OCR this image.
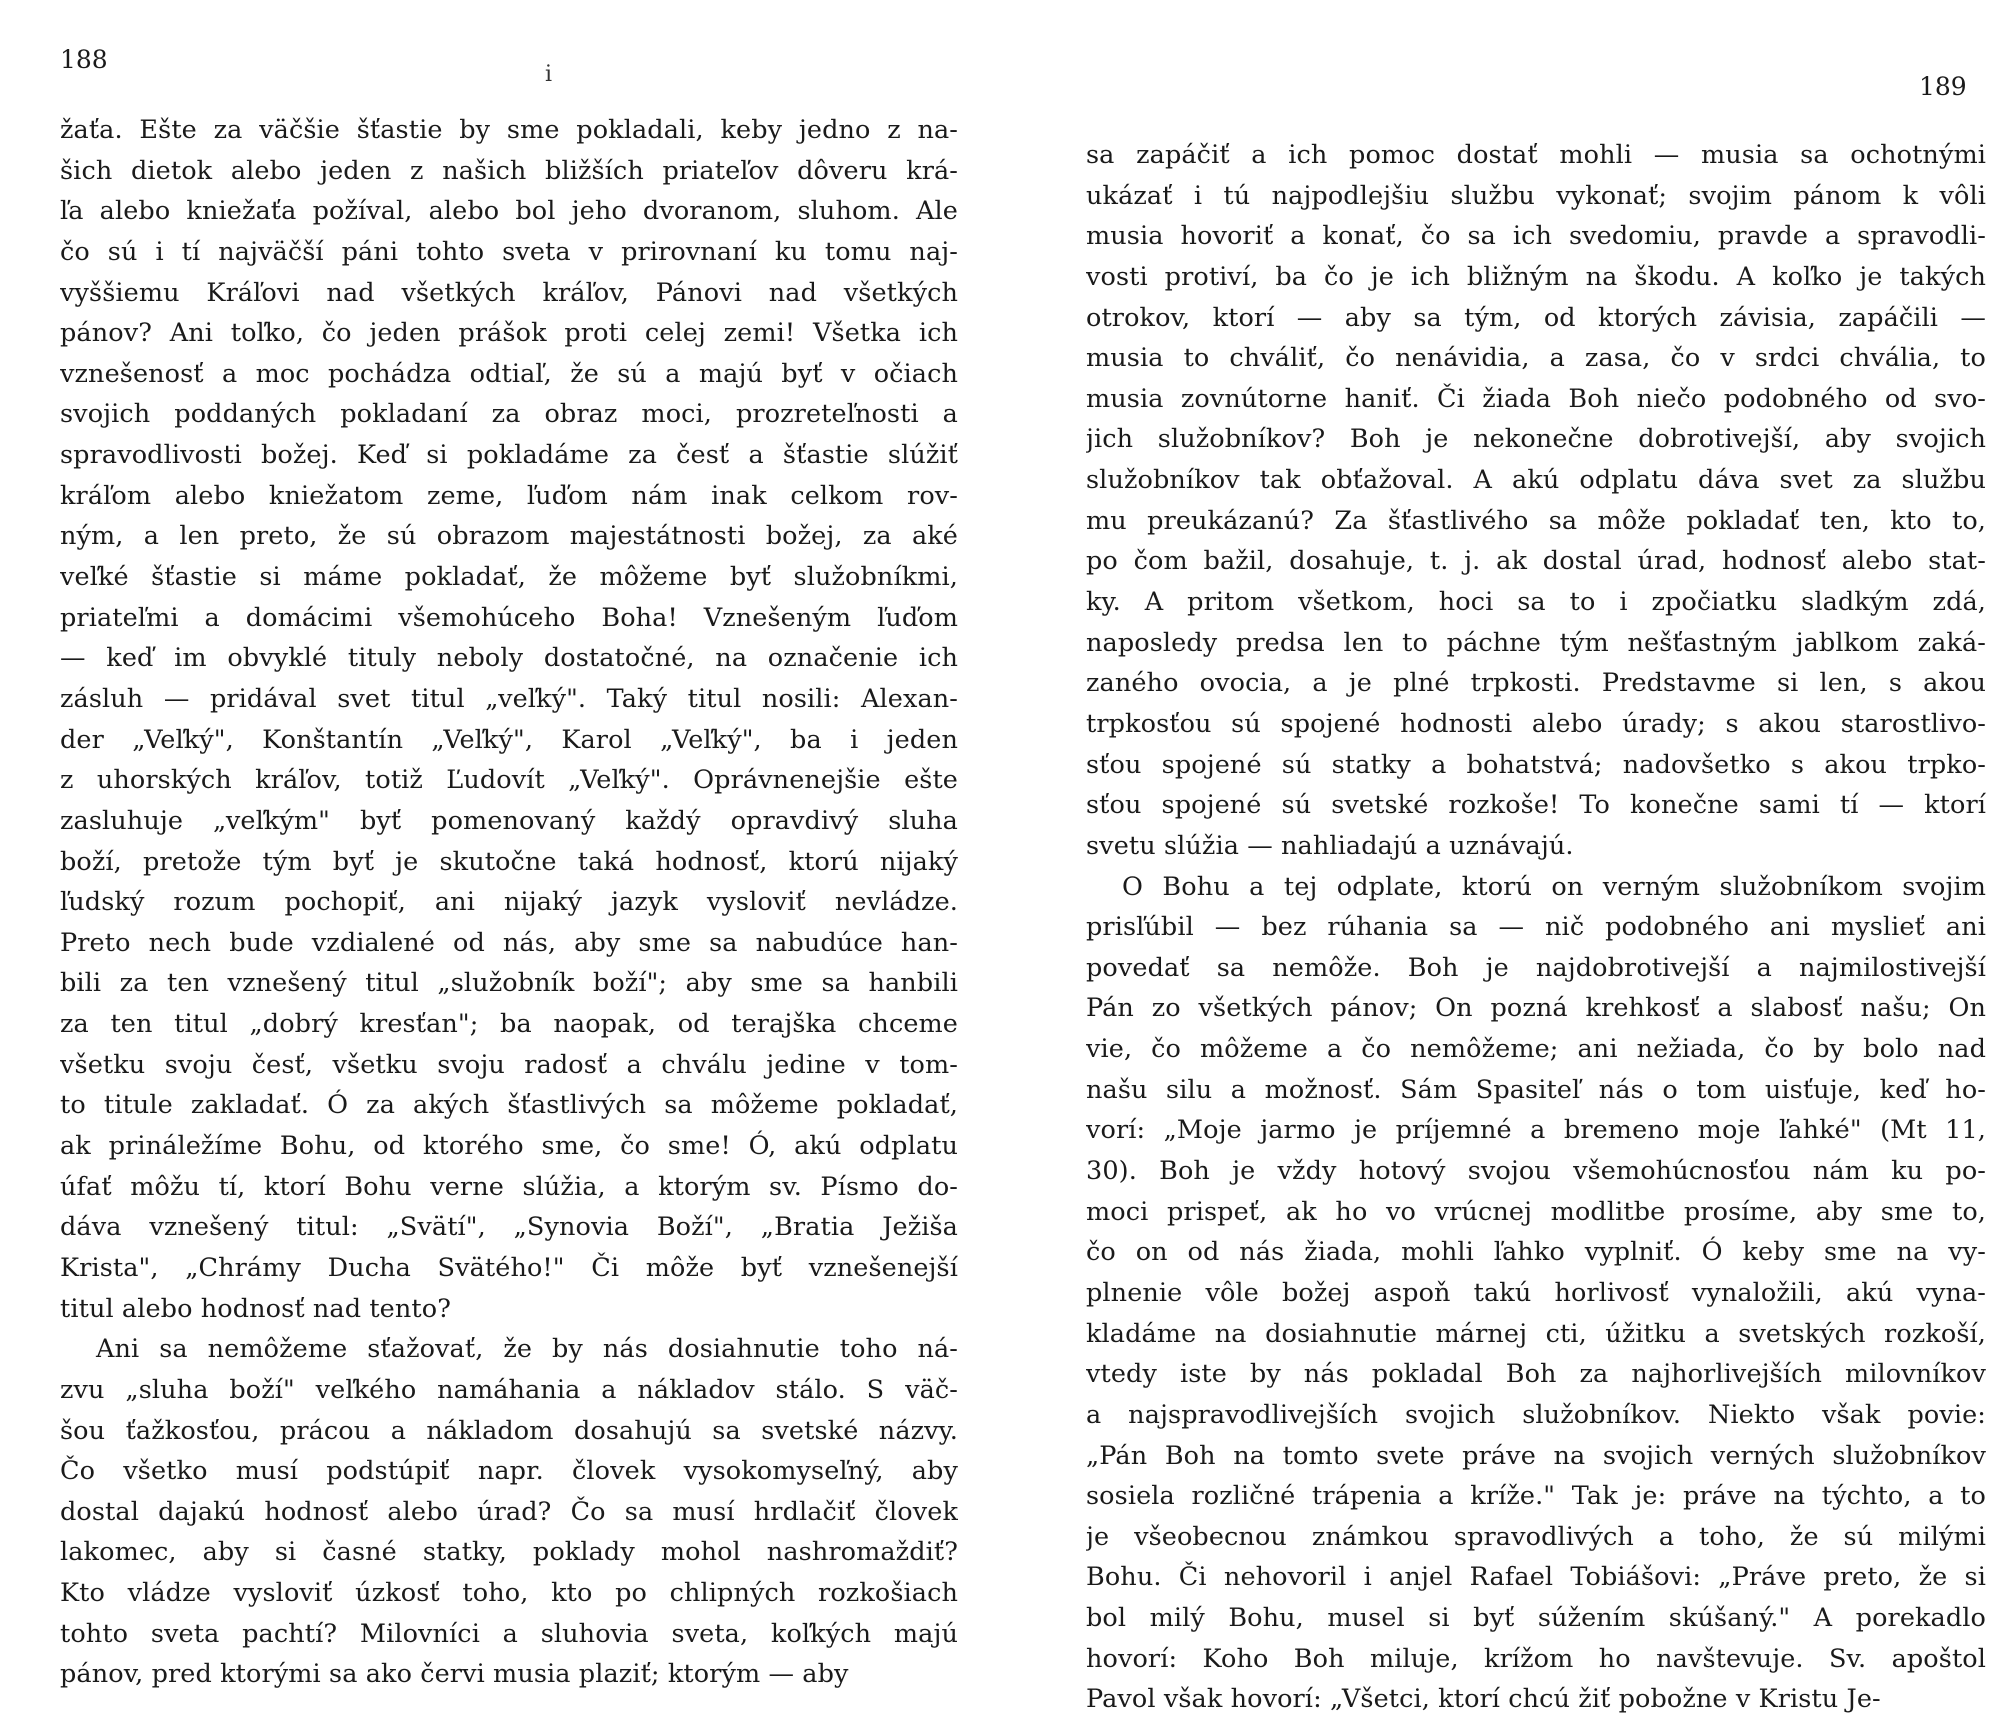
188
ⅰ
žaťa. Ešte za väčšie šťastie by sme pokladali, keby jedno z na-
šich dietok alebo jeden z našich bližších priateľov dôveru krá-
ľa alebo kniežaťa požíval, alebo bol jeho dvoranom, sluhom. Ale
čo sú i tí najväčší páni tohto sveta v prirovnaní ku tomu naj-
vyššiemu Kráľovi nad všetkých kráľov, Pánovi nad všetkých
pánov? Ani toľko, čo jeden prášok proti celej zemi! Všetka ich
vznešenosť a moc pochádza odtiaľ, že sú a majú byť v očiach
svojich poddaných pokladaní za obraz moci, prozreteľnosti a
spravodlivosti božej. Keď si pokladáme za česť a šťastie slúžiť
kráľom alebo kniežatom zeme, ľuďom nám inak celkom rov-
ným, a len preto, že sú obrazom majestátnosti božej, za aké
veľké šťastie si máme pokladať, že môžeme byť služobníkmi,
priateľmi a domácimi všemohúceho Boha! Vznešeným ľuďom
— keď im obvyklé tituly neboly dostatočné, na označenie ich
zásluh — pridával svet titul „veľký". Taký titul nosili: Alexan-
der „Veľký", Konštantín „Veľký", Karol „Veľký", ba i jeden
z uhorských kráľov, totiž Ľudovít „Veľký". Oprávnenejšie ešte
zasluhuje „veľkým" byť pomenovaný každý opravdivý sluha
boží, pretože tým byť je skutočne taká hodnosť, ktorú nijaký
ľudský rozum pochopiť, ani nijaký jazyk vysloviť nevládze.
Preto nech bude vzdialené od nás, aby sme sa nabudúce han-
bili za ten vznešený titul „služobník boží"; aby sme sa hanbili
za ten titul „dobrý kresťan"; ba naopak, od terajška chceme
všetku svoju česť, všetku svoju radosť a chválu jedine v tom-
to titule zakladať. Ó za akých šťastlivých sa môžeme pokladať,
ak prináležíme Bohu, od ktorého sme, čo sme! Ó, akú odplatu
úfať môžu tí, ktorí Bohu verne slúžia, a ktorým sv. Písmo do-
dáva vznešený titul: „Svätí", „Synovia Boží", „Bratia Ježiša
Krista", „Chrámy Ducha Svätého!" Či môže byť vznešenejší
titul alebo hodnosť nad tento?
Ani sa nemôžeme sťažovať, že by nás dosiahnutie toho ná-
zvu „sluha boží" veľkého namáhania a nákladov stálo. S väč-
šou ťažkosťou, prácou a nákladom dosahujú sa svetské názvy.
Čo všetko musí podstúpiť napr. človek vysokomyseľný, aby
dostal dajakú hodnosť alebo úrad? Čo sa musí hrdlačiť človek
lakomec, aby si časné statky, poklady mohol nashromaždiť?
Kto vládze vysloviť úzkosť toho, kto po chlipných rozkošiach
tohto sveta pachtí? Milovníci a sluhovia sveta, koľkých majú
pánov, pred ktorými sa ako červi musia plaziť; ktorým — aby
189
sa zapáčiť a ich pomoc dostať mohli — musia sa ochotnými
ukázať i tú najpodlejšiu službu vykonať; svojim pánom k vôli
musia hovoriť a konať, čo sa ich svedomiu, pravde a spravodli-
vosti protiví, ba čo je ich bližným na škodu. A koľko je takých
otrokov, ktorí — aby sa tým, od ktorých závisia, zapáčili —
musia to chváliť, čo nenávidia, a zasa, čo v srdci chvália, to
musia zovnútorne haniť. Či žiada Boh niečo podobného od svo-
jich služobníkov? Boh je nekonečne dobrotivejší, aby svojich
služobníkov tak obťažoval. A akú odplatu dáva svet za službu
mu preukázanú? Za šťastlivého sa môže pokladať ten, kto to,
po čom bažil, dosahuje, t. j. ak dostal úrad, hodnosť alebo stat-
ky. A pritom všetkom, hoci sa to i zpočiatku sladkým zdá,
naposledy predsa len to páchne tým nešťastným jablkom zaká-
zaného ovocia, a je plné trpkosti. Predstavme si len, s akou
trpkosťou sú spojené hodnosti alebo úrady; s akou starostlivo-
sťou spojené sú statky a bohatstvá; nadovšetko s akou trpko-
sťou spojené sú svetské rozkoše! To konečne sami tí — ktorí
svetu slúžia — nahliadajú a uznávajú.
O Bohu a tej odplate, ktorú on verným služobníkom svojim
prisľúbil — bez rúhania sa — nič podobného ani myslieť ani
povedať sa nemôže. Boh je najdobrotivejší a najmilostivejší
Pán zo všetkých pánov; On pozná krehkosť a slabosť našu; On
vie, čo môžeme a čo nemôžeme; ani nežiada, čo by bolo nad
našu silu a možnosť. Sám Spasiteľ nás o tom uisťuje, keď ho-
vorí: „Moje jarmo je príjemné a bremeno moje ľahké" (Mt 11,
30). Boh je vždy hotový svojou všemohúcnosťou nám ku po-
moci prispeť, ak ho vo vrúcnej modlitbe prosíme, aby sme to,
čo on od nás žiada, mohli ľahko vyplniť. Ó keby sme na vy-
plnenie vôle božej aspoň takú horlivosť vynaložili, akú vyna-
kladáme na dosiahnutie márnej cti, úžitku a svetských rozkoší,
vtedy iste by nás pokladal Boh za najhorlivejších milovníkov
a najspravodlivejších svojich služobníkov. Niekto však povie:
„Pán Boh na tomto svete práve na svojich verných služobníkov
sosiela rozličné trápenia a kríže." Tak je: práve na týchto, a to
je všeobecnou známkou spravodlivých a toho, že sú milými
Bohu. Či nehovoril i anjel Rafael Tobiášovi: „Práve preto, že si
bol milý Bohu, musel si byť súžením skúšaný." A porekadlo
hovorí: Koho Boh miluje, krížom ho navštevuje. Sv. apoštol
Pavol však hovorí: „Všetci, ktorí chcú žiť pobožne v Kristu Je-
